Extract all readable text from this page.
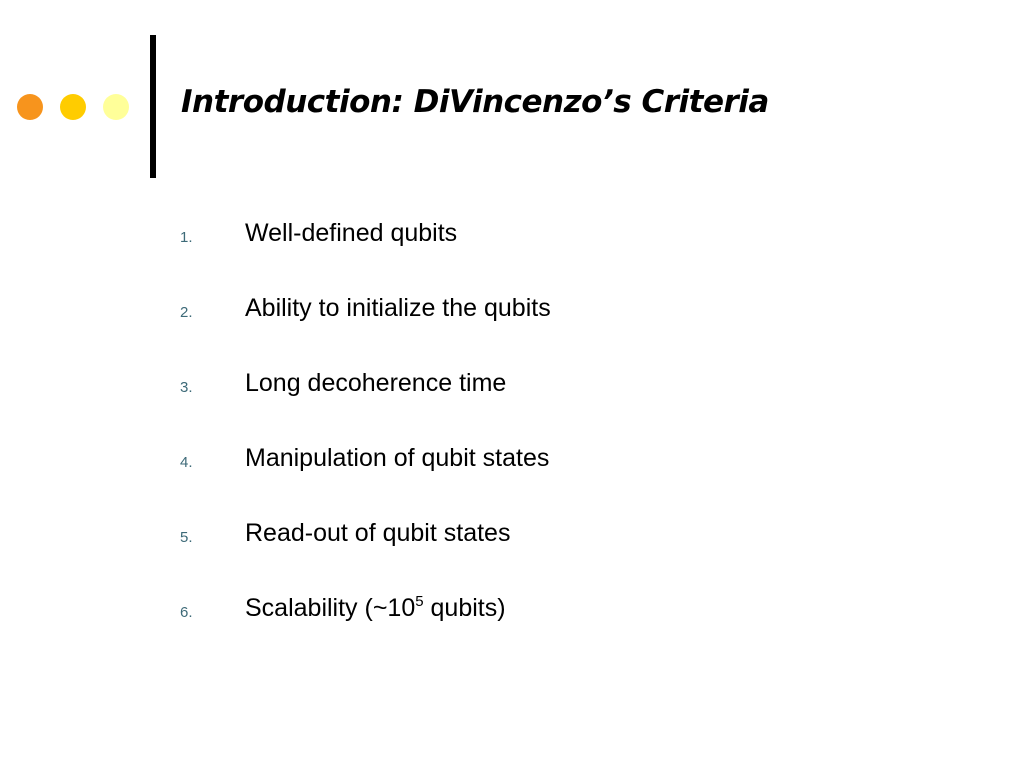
Introduction: DiVincenzo’s Criteria
1. Well-defined qubits
2. Ability to initialize the qubits
3. Long decoherence time
4. Manipulation of qubit states
5. Read-out of qubit states
6. Scalability ($\sim 10^5$ qubits)
